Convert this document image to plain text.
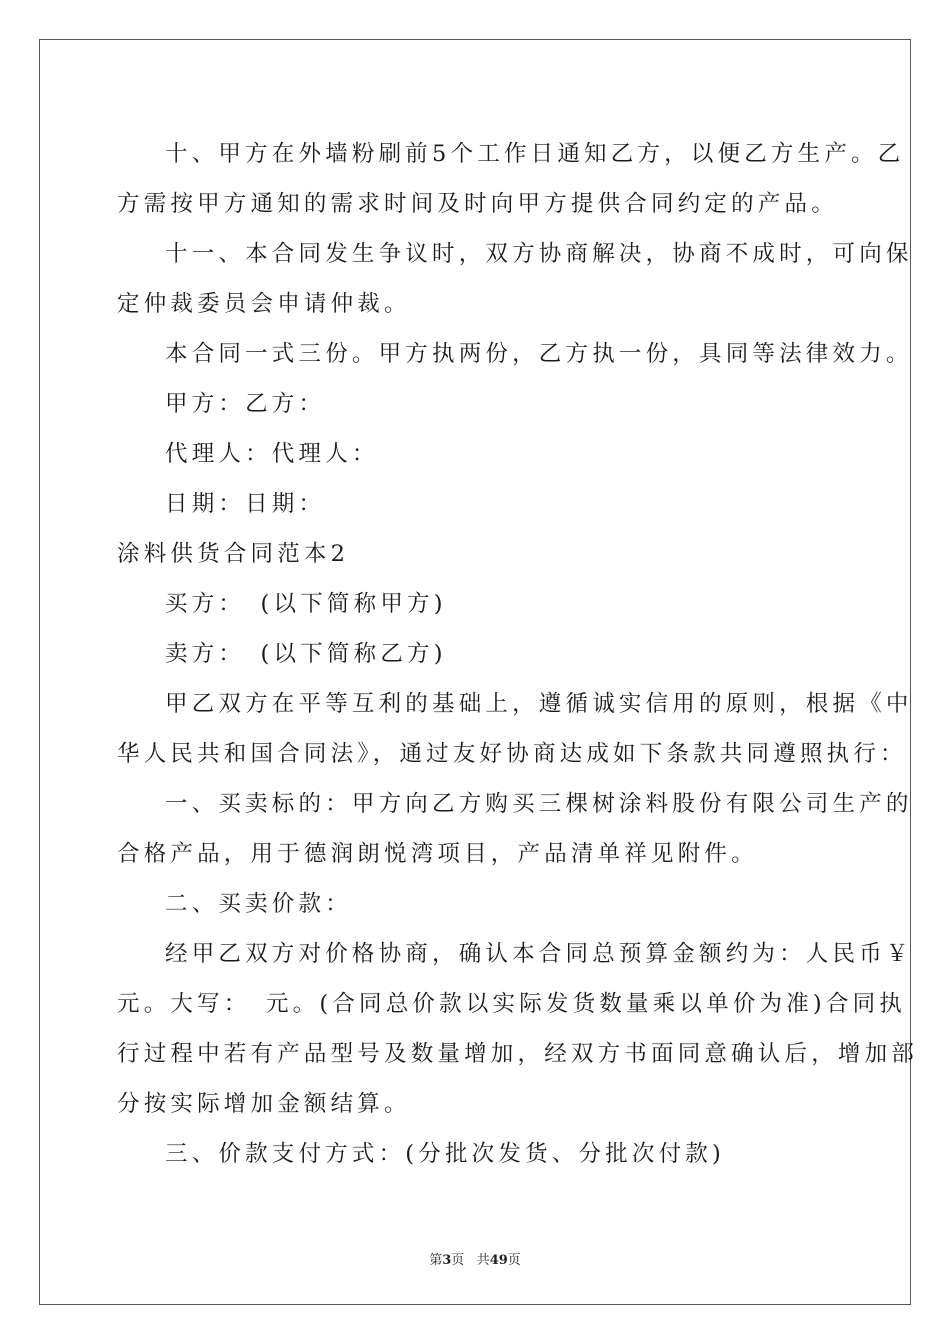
十、甲方在外墙粉刷前5个工作日通知乙方，以便乙方生产。乙
方需按甲方通知的需求时间及时向甲方提供合同约定的产品。
十一、本合同发生争议时，双方协商解决，协商不成时，可向保
定仲裁委员会申请仲裁。
本合同一式三份。甲方执两份，乙方执一份，具同等法律效力。
甲方：乙方：
代理人：代理人：
日期：日期：
涂料供货合同范本2
买方：　(以下简称甲方)
卖方：　(以下简称乙方)
甲乙双方在平等互利的基础上，遵循诚实信用的原则，根据《中
华人民共和国合同法》，通过友好协商达成如下条款共同遵照执行：
一、买卖标的：甲方向乙方购买三棵树涂料股份有限公司生产的
合格产品，用于德润朗悦湾项目，产品清单祥见附件。
二、买卖价款：
经甲乙双方对价格协商，确认本合同总预算金额约为：人民币￥
元。大写：　元。(合同总价款以实际发货数量乘以单价为准)合同执
行过程中若有产品型号及数量增加，经双方书面同意确认后，增加部
分按实际增加金额结算。
三、价款支付方式：(分批次发货、分批次付款)
第3页 共49页
